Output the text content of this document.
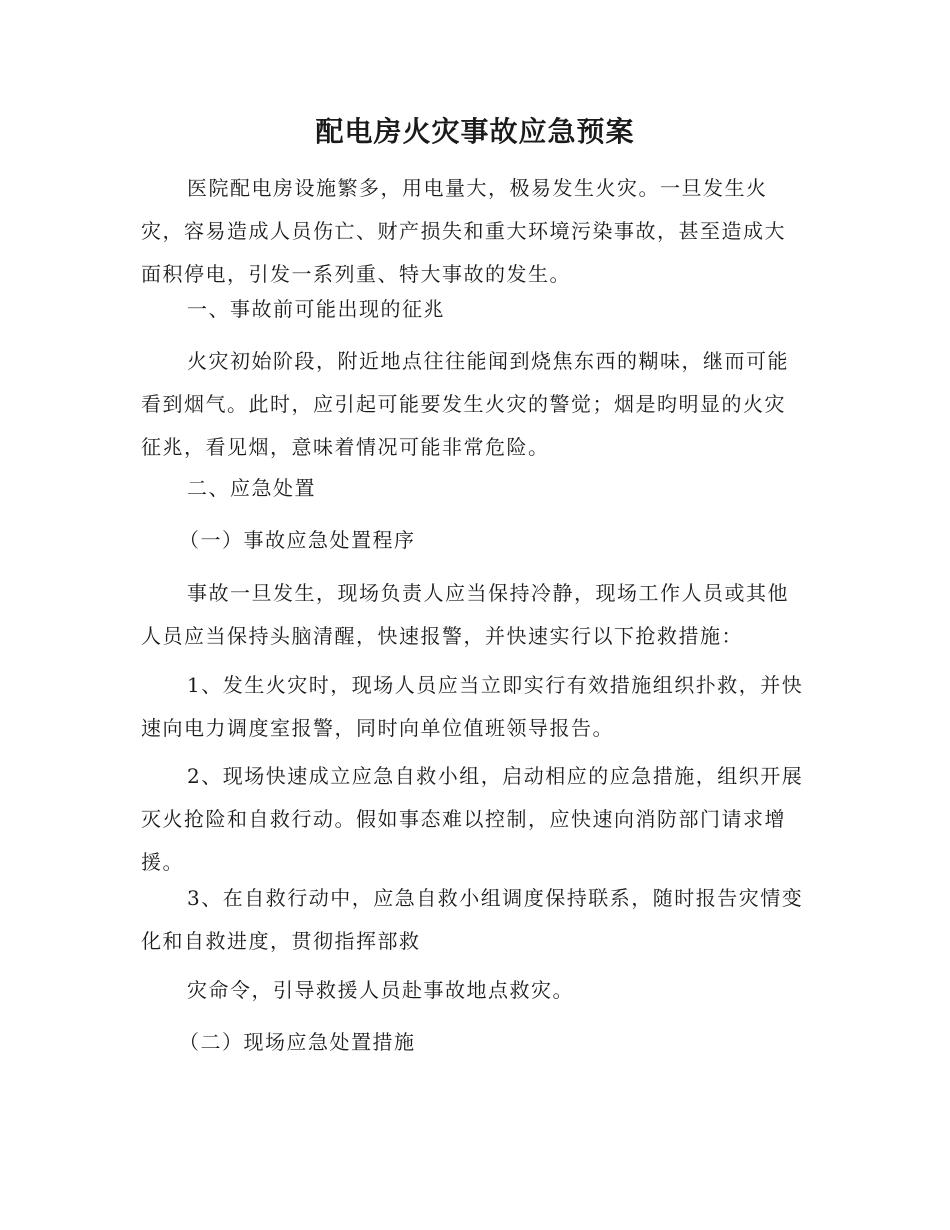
配电房火灾事故应急预案

医院配电房设施繁多，用电量大，极易发生火灾。一旦发生火灾，容易造成人员伤亡、财产损失和重大环境污染事故，甚至造成大面积停电，引发一系列重、特大事故的发生。

一、事故前可能出现的征兆

火灾初始阶段，附近地点往往能闻到烧焦东西的糊味，继而可能看到烟气。此时，应引起可能要发生火灾的警觉；烟是昀明显的火灾征兆，看见烟，意味着情况可能非常危险。

二、应急处置

（一）事故应急处置程序

事故一旦发生，现场负责人应当保持冷静，现场工作人员或其他人员应当保持头脑清醒，快速报警，并快速实行以下抢救措施：

1、发生火灾时，现场人员应当立即实行有效措施组织扑救，并快速向电力调度室报警，同时向单位值班领导报告。

2、现场快速成立应急自救小组，启动相应的应急措施，组织开展灭火抢险和自救行动。假如事态难以控制，应快速向消防部门请求增援。

3、在自救行动中，应急自救小组调度保持联系，随时报告灾情变化和自救进度，贯彻指挥部救

灾命令，引导救援人员赴事故地点救灾。

（二）现场应急处置措施
